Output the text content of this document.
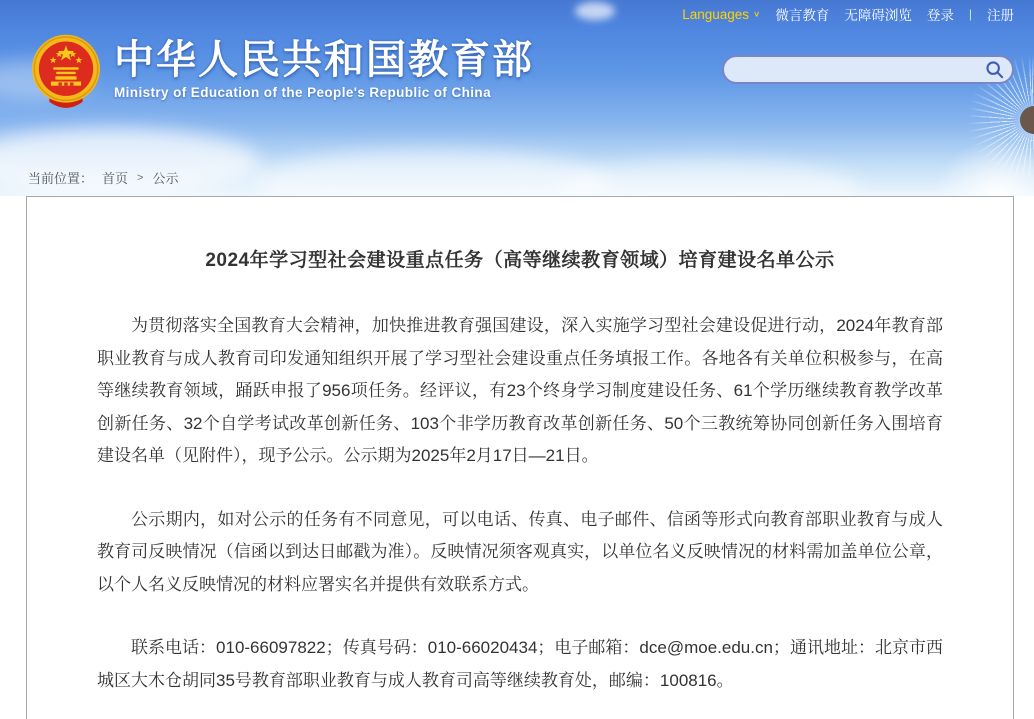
Languages ∨ 微言教育 无障碍浏览 登录 | 注册
中华人民共和国教育部
Ministry of Education of the People's Republic of China
当前位置： 首页 > 公示
2024年学习型社会建设重点任务（高等继续教育领域）培育建设名单公示

为贯彻落实全国教育大会精神，加快推进教育强国建设，深入实施学习型社会建设促进行动，2024年教育部职业教育与成人教育司印发通知组织开展了学习型社会建设重点任务填报工作。各地各有关单位积极参与，在高等继续教育领域，踊跃申报了956项任务。经评议，有23个终身学习制度建设任务、61个学历继续教育教学改革创新任务、32个自学考试改革创新任务、103个非学历教育改革创新任务、50个三教统筹协同创新任务入围培育建设名单（见附件），现予公示。公示期为2025年2月17日—21日。

公示期内，如对公示的任务有不同意见，可以电话、传真、电子邮件、信函等形式向教育部职业教育与成人教育司反映情况（信函以到达日邮戳为准）。反映情况须客观真实，以单位名义反映情况的材料需加盖单位公章，以个人名义反映情况的材料应署实名并提供有效联系方式。

联系电话：010-66097822；传真号码：010-66020434；电子邮箱：dce@moe.edu.cn；通讯地址：北京市西城区大木仓胡同35号教育部职业教育与成人教育司高等继续教育处，邮编：100816。
